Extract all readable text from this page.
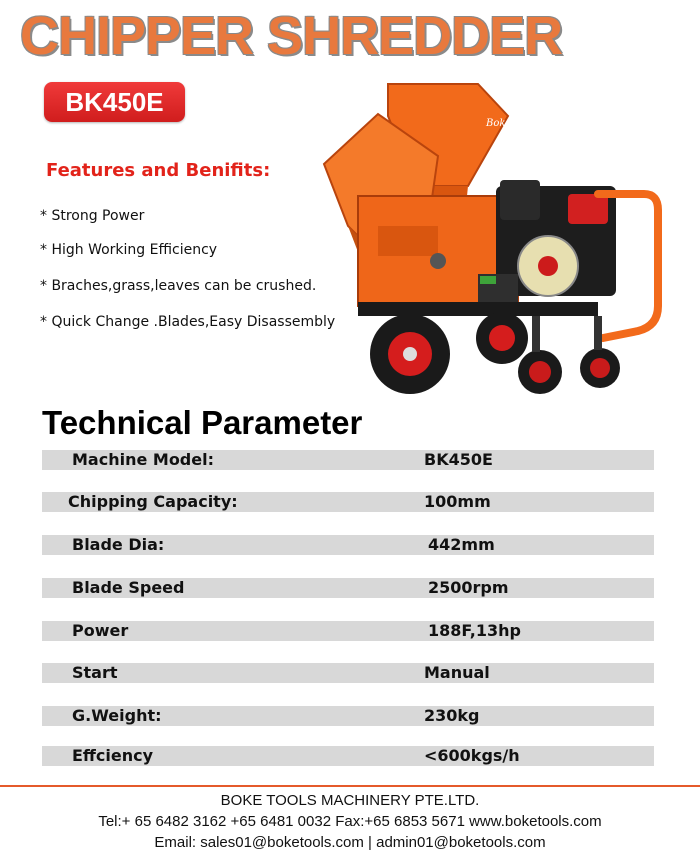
CHIPPER SHREDDER
BK450E
Features and Benifits:
* Strong Power
* High Working Efficiency
* Braches,grass,leaves can be crushed.
* Quick Change .Blades,Easy Disassembly
Boke
Technical Parameter
Machine Model:	BK450E
Chipping Capacity:	100mm
Blade Dia:	442mm
Blade Speed	2500rpm
Power	188F,13hp
Start	Manual
G.Weight:	230kg
Effciency	<600kgs/h
BOKE TOOLS MACHINERY PTE.LTD.
Tel:+ 65 6482 3162 +65 6481 0032 Fax:+65 6853 5671 www.boketools.com
Email: sales01@boketools.com | admin01@boketools.com
